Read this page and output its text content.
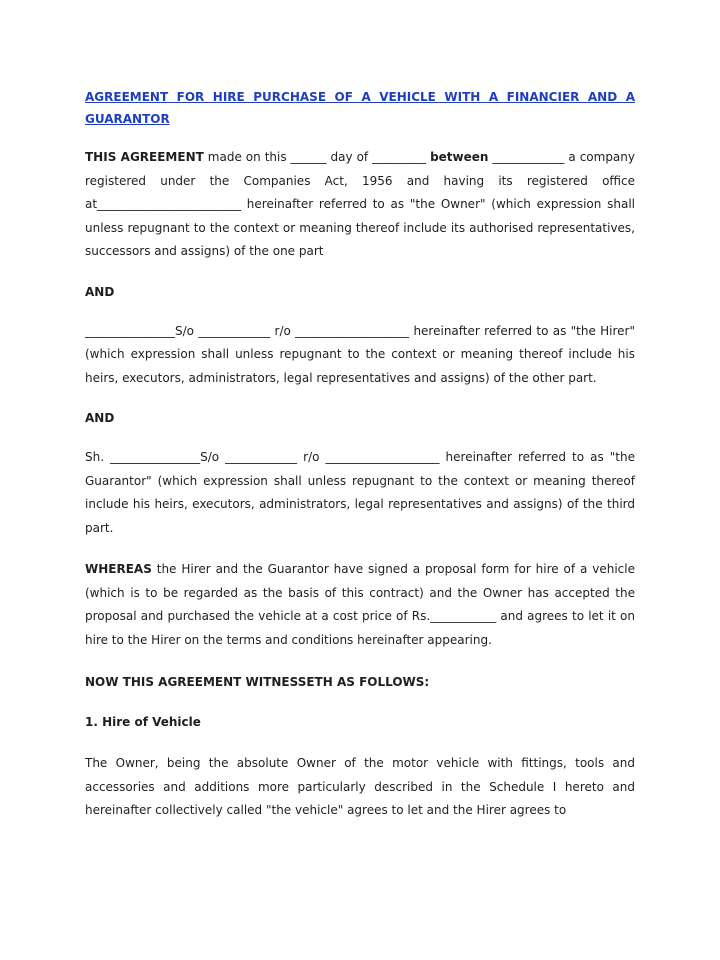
AGREEMENT FOR HIRE PURCHASE OF A VEHICLE WITH A FINANCIER AND A GUARANTOR

THIS AGREEMENT made on this ______ day of _________ between ____________ a company registered under the Companies Act, 1956 and having its registered office at________________________ hereinafter referred to as "the Owner" (which expression shall unless repugnant to the context or meaning thereof include its authorised representatives, successors and assigns) of the one part

AND

_______________S/o ____________ r/o ___________________ hereinafter referred to as "the Hirer" (which expression shall unless repugnant to the context or meaning thereof include his heirs, executors, administrators, legal representatives and assigns) of the other part.

AND

Sh. _______________S/o ____________ r/o ___________________ hereinafter referred to as "the Guarantor" (which expression shall unless repugnant to the context or meaning thereof include his heirs, executors, administrators, legal representatives and assigns) of the third part.

WHEREAS the Hirer and the Guarantor have signed a proposal form for hire of a vehicle (which is to be regarded as the basis of this contract) and the Owner has accepted the proposal and purchased the vehicle at a cost price of Rs.___________ and agrees to let it on hire to the Hirer on the terms and conditions hereinafter appearing.

NOW THIS AGREEMENT WITNESSETH AS FOLLOWS:
1. Hire of Vehicle

The Owner, being the absolute Owner of the motor vehicle with fittings, tools and accessories and additions more particularly described in the Schedule I hereto and hereinafter collectively called "the vehicle" agrees to let and the Hirer agrees to
